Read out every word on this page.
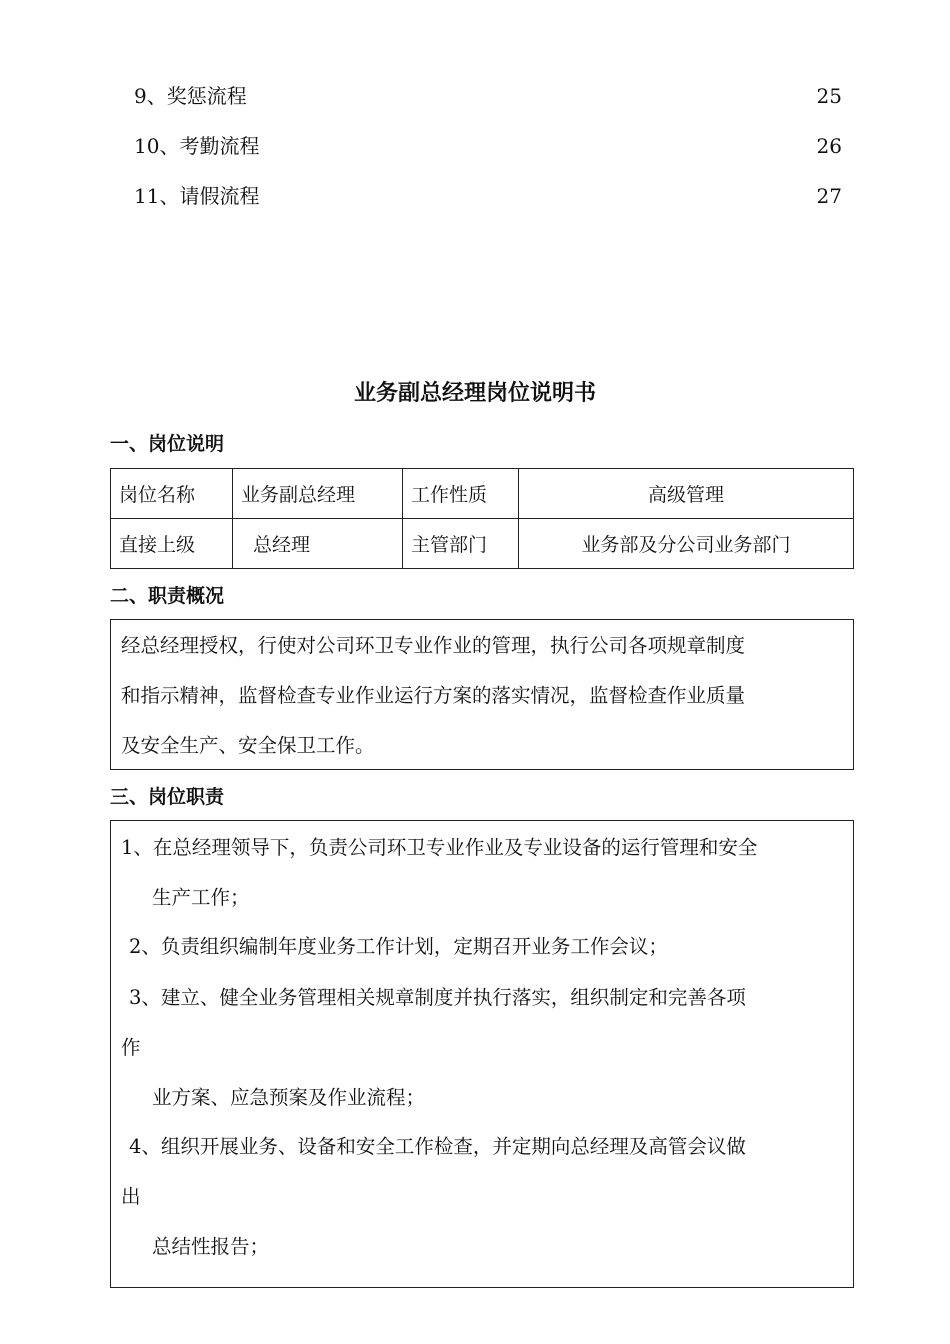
9、奖惩流程	25
10、考勤流程	26
11、请假流程	27
业务副总经理岗位说明书
一、岗位说明
岗位名称	业务副总经理	工作性质	高级管理
直接上级	总经理	主管部门	业务部及分公司业务部门
二、职责概况
经总经理授权，行使对公司环卫专业作业的管理，执行公司各项规章制度
和指示精神，监督检查专业作业运行方案的落实情况，监督检查作业质量
及安全生产、安全保卫工作。
三、岗位职责
1、在总经理领导下，负责公司环卫专业作业及专业设备的运行管理和安全
生产工作；
2、负责组织编制年度业务工作计划，定期召开业务工作会议；
3、建立、健全业务管理相关规章制度并执行落实，组织制定和完善各项
作
业方案、应急预案及作业流程；
4、组织开展业务、设备和安全工作检查，并定期向总经理及高管会议做
出
总结性报告；
